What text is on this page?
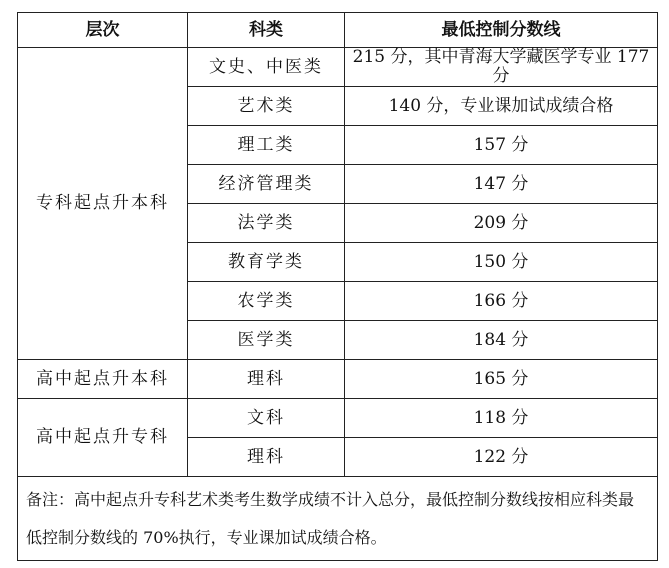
层次	科类	最低控制分数线
专科起点升本科	文史、中医类	215 分，其中青海大学藏医学专业 177 分
	艺术类	140 分，专业课加试成绩合格
	理工类	157 分
	经济管理类	147 分
	法学类	209 分
	教育学类	150 分
	农学类	166 分
	医学类	184 分
高中起点升本科	理科	165 分
高中起点升专科	文科	118 分
	理科	122 分
备注：高中起点升专科艺术类考生数学成绩不计入总分，最低控制分数线按相应科类最低控制分数线的 70%执行，专业课加试成绩合格。		
